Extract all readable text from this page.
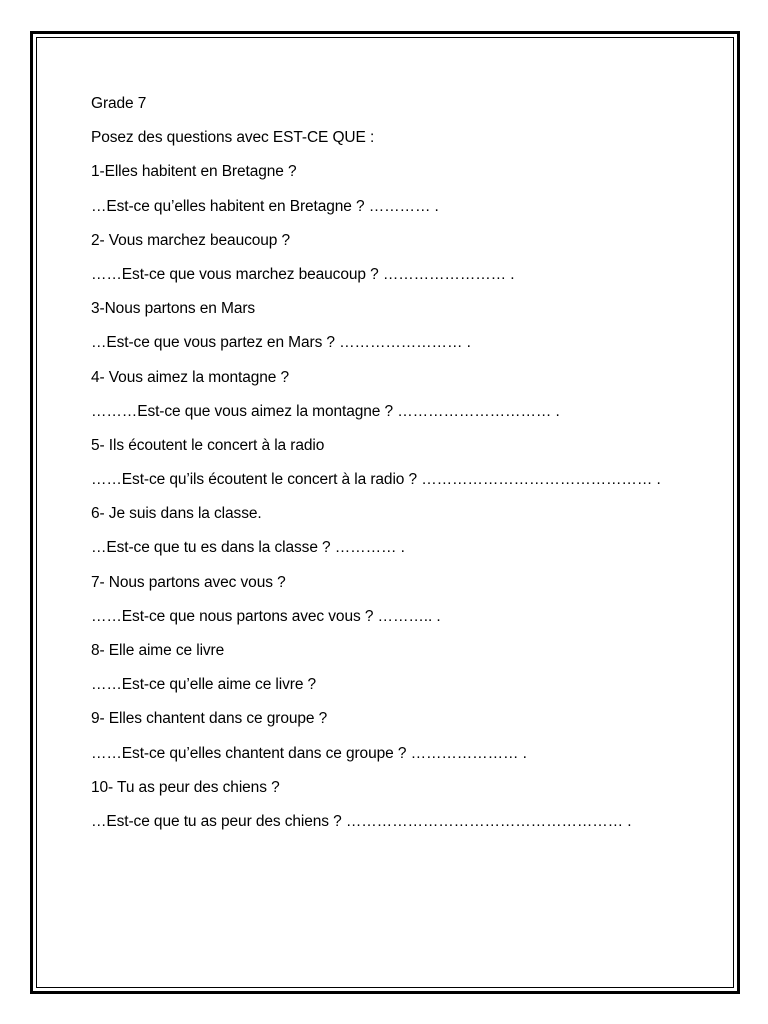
Grade 7
Posez des questions avec EST-CE QUE :
1-Elles habitent en Bretagne ?
…Est-ce qu’elles habitent en Bretagne ? ………… .
2- Vous marchez beaucoup ?
……Est-ce que vous marchez beaucoup ? …………………… .
3-Nous partons en Mars
…Est-ce que vous partez en Mars ? …………………… .
4- Vous aimez la montagne ?
………Est-ce que vous aimez la montagne ? ………………………… .
5- Ils écoutent le concert à la radio
……Est-ce qu’ils écoutent le concert à la radio ? ……………………………………… .
6- Je suis dans la classe.
…Est-ce que tu es dans la classe ? ………… .
7- Nous partons avec vous ?
……Est-ce que nous partons avec vous ? ……….. .
8- Elle aime ce livre
……Est-ce qu’elle aime ce livre ?
9- Elles chantent dans ce groupe ?
……Est-ce qu’elles chantent dans ce groupe ? ………………… .
10- Tu as peur des chiens ?
…Est-ce que tu as peur des chiens ? ……………………………………………… .
